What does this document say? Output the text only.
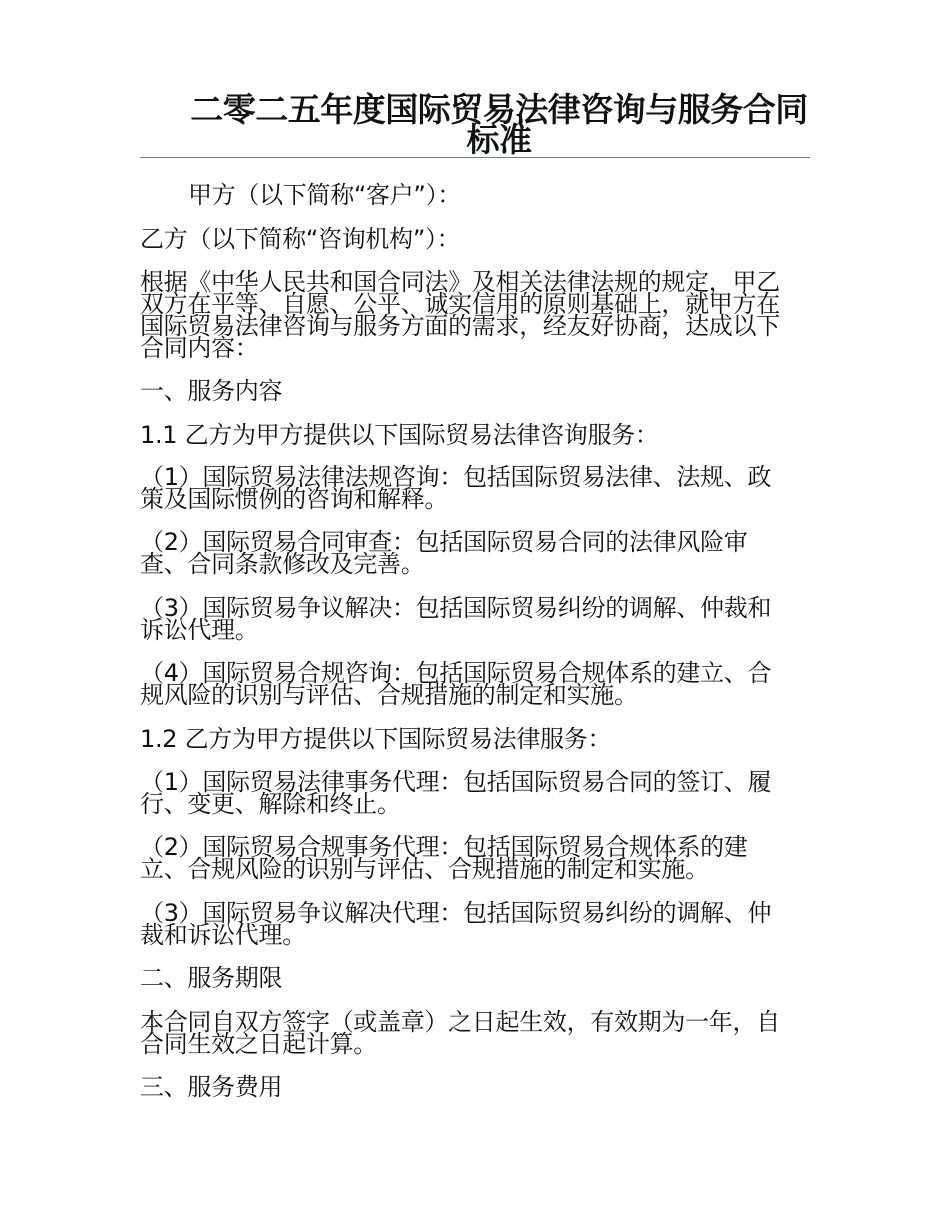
二零二五年度国际贸易法律咨询与服务合同标准
甲方（以下简称“客户”）：
乙方（以下简称“咨询机构”）：
根据《中华人民共和国合同法》及相关法律法规的规定，甲乙
双方在平等、自愿、公平、诚实信用的原则基础上，就甲方在
国际贸易法律咨询与服务方面的需求，经友好协商，达成以下
合同内容：
一、服务内容
1.1 乙方为甲方提供以下国际贸易法律咨询服务：
（1）国际贸易法律法规咨询：包括国际贸易法律、法规、政
策及国际惯例的咨询和解释。
（2）国际贸易合同审查：包括国际贸易合同的法律风险审
查、合同条款修改及完善。
（3）国际贸易争议解决：包括国际贸易纠纷的调解、仲裁和
诉讼代理。
（4）国际贸易合规咨询：包括国际贸易合规体系的建立、合
规风险的识别与评估、合规措施的制定和实施。
1.2 乙方为甲方提供以下国际贸易法律服务：
（1）国际贸易法律事务代理：包括国际贸易合同的签订、履
行、变更、解除和终止。
（2）国际贸易合规事务代理：包括国际贸易合规体系的建
立、合规风险的识别与评估、合规措施的制定和实施。
（3）国际贸易争议解决代理：包括国际贸易纠纷的调解、仲
裁和诉讼代理。
二、服务期限
本合同自双方签字（或盖章）之日起生效，有效期为一年，自
合同生效之日起计算。
三、服务费用
